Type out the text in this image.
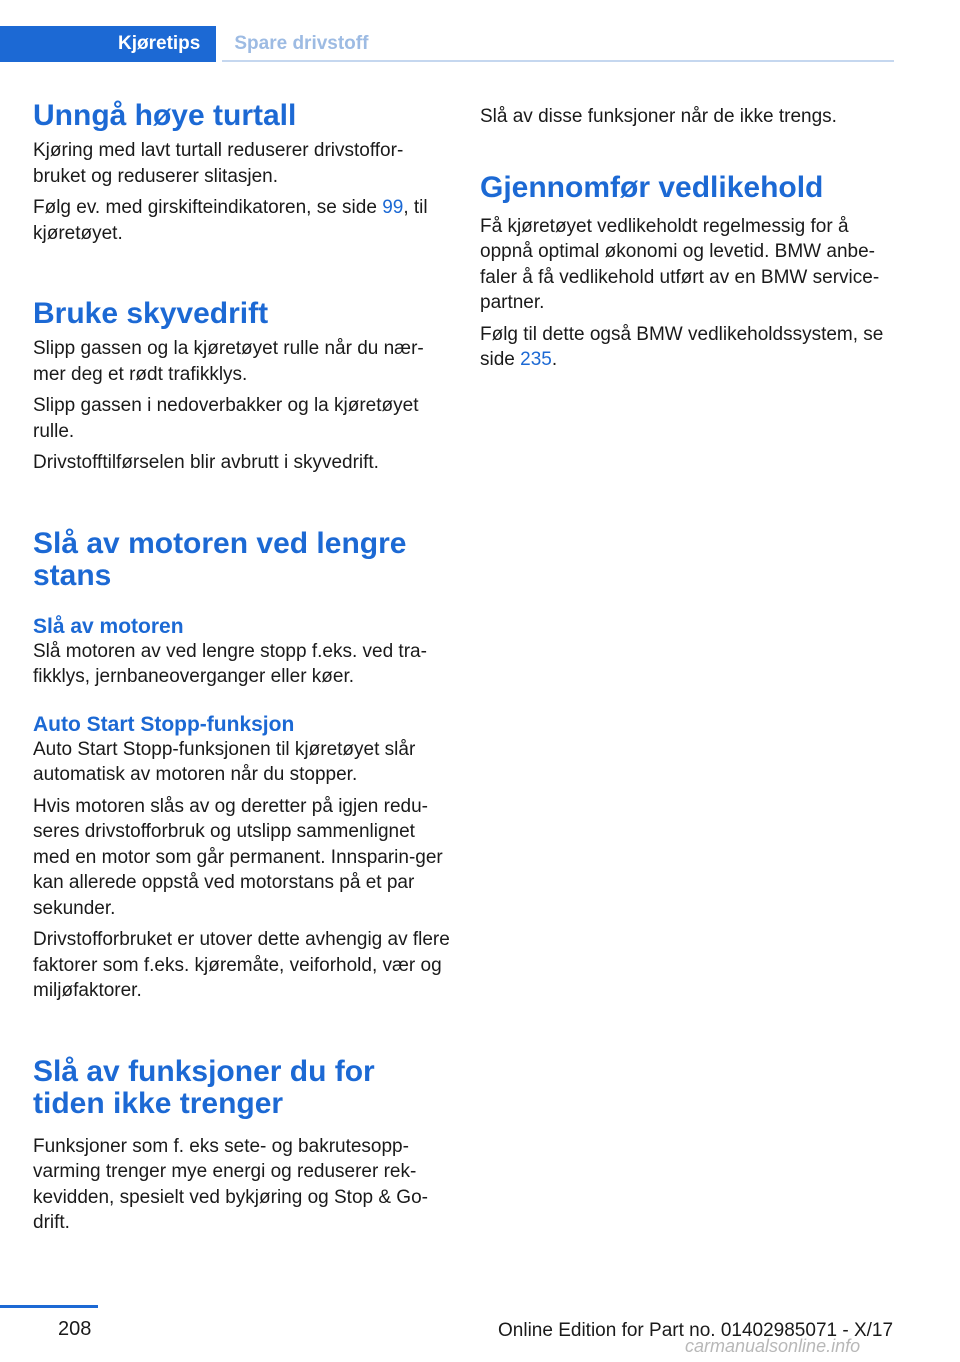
Kjøretips	Spare drivstoff
Unngå høye turtall

Kjøring med lavt turtall reduserer drivstoffor-bruket og reduserer slitasjen.

Følg ev. med girskifteindikatoren, se side 99, til kjøretøyet.

Bruke skyvedrift

Slipp gassen og la kjøretøyet rulle når du nær-mer deg et rødt trafikklys.

Slipp gassen i nedoverbakker og la kjøretøyet rulle.

Drivstofftilførselen blir avbrutt i skyvedrift.

Slå av motoren ved lengre stans
Slå av motoren

Slå motoren av ved lengre stopp f.eks. ved tra-fikklys, jernbaneoverganger eller køer.

Auto Start Stopp-funksjon

Auto Start Stopp-funksjonen til kjøretøyet slår automatisk av motoren når du stopper.

Hvis motoren slås av og deretter på igjen redu-seres drivstofforbruk og utslipp sammenlignet med en motor som går permanent. Innsparin-ger kan allerede oppstå ved motorstans på et par sekunder.

Drivstofforbruket er utover dette avhengig av flere faktorer som f.eks. kjøremåte, veiforhold, vær og miljøfaktorer.

Slå av funksjoner du for tiden ikke trenger

Funksjoner som f. eks sete- og bakrutesopp-varming trenger mye energi og reduserer rek-kevidden, spesielt ved bykjøring og Stop & Go-drift.

Slå av disse funksjoner når de ikke trengs.

Gjennomfør vedlikehold

Få kjøretøyet vedlikeholdt regelmessig for å oppnå optimal økonomi og levetid. BMW anbe-faler å få vedlikehold utført av en BMW service-partner.

Følg til dette også BMW vedlikeholdssystem, se side 235.

208	Online Edition for Part no. 01402985071 - X/17
carmanualsonline.info
